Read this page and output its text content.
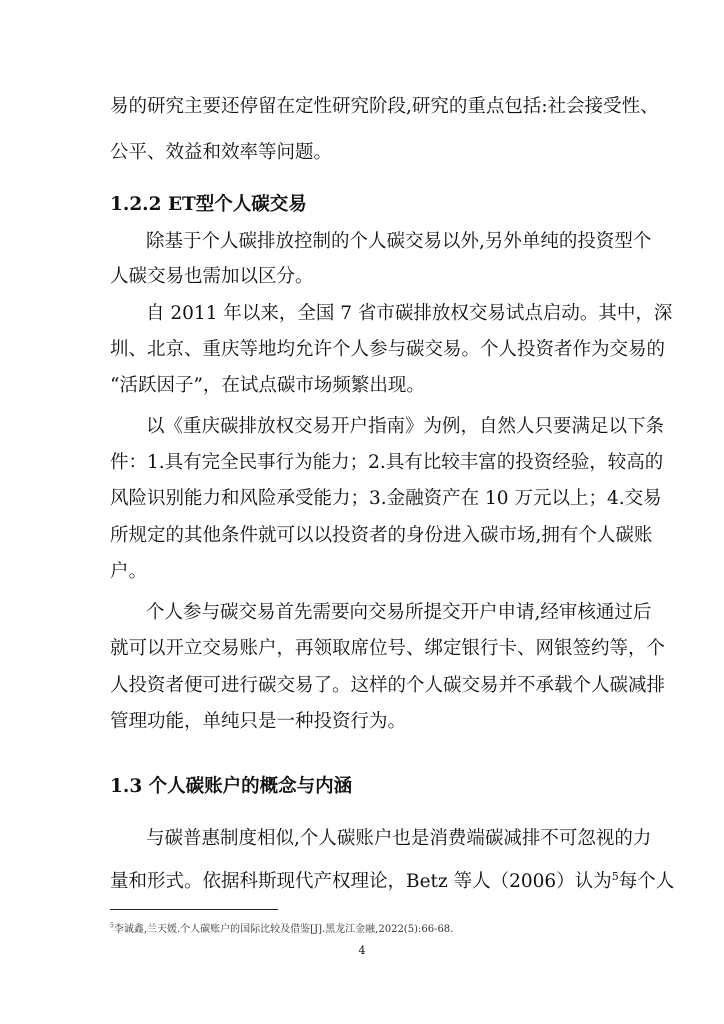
易的研究主要还停留在定性研究阶段,研究的重点包括:社会接受性、
公平、效益和效率等问题。
1.2.2 ET型个人碳交易
除基于个人碳排放控制的个人碳交易以外,另外单纯的投资型个
人碳交易也需加以区分。
自 2011 年以来，全国 7 省市碳排放权交易试点启动。其中，深
圳、北京、重庆等地均允许个人参与碳交易。个人投资者作为交易的
“活跃因子”，在试点碳市场频繁出现。
以《重庆碳排放权交易开户指南》为例，自然人只要满足以下条
件：1.具有完全民事行为能力；2.具有比较丰富的投资经验，较高的
风险识别能力和风险承受能力；3.金融资产在 10 万元以上；4.交易
所规定的其他条件就可以以投资者的身份进入碳市场,拥有个人碳账
户。
个人参与碳交易首先需要向交易所提交开户申请,经审核通过后
就可以开立交易账户，再领取席位号、绑定银行卡、网银签约等，个
人投资者便可进行碳交易了。这样的个人碳交易并不承载个人碳减排
管理功能，单纯只是一种投资行为。
1.3 个人碳账户的概念与内涵
与碳普惠制度相似,个人碳账户也是消费端碳减排不可忽视的力
量和形式。依据科斯现代产权理论，Betz 等人（2006）认为$^5$每个人
$^5$李诚鑫,兰天媛.个人碳账户的国际比较及借鉴[J].黑龙江金融,2022(5):66-68.
4
